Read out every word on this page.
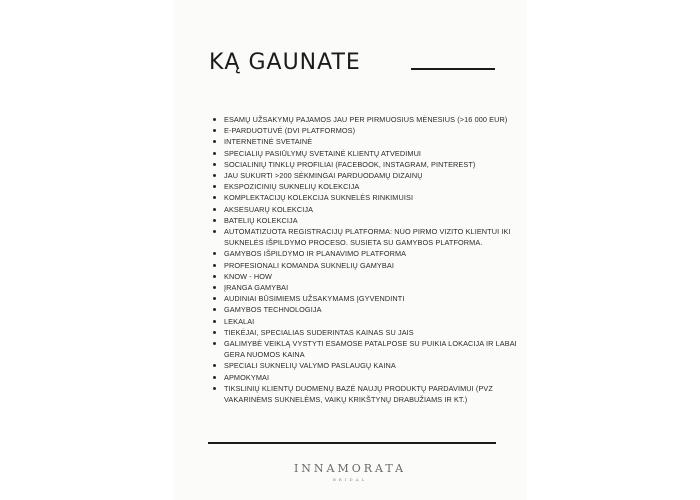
KĄ GAUNATE
ESAMŲ UŽSAKYMŲ PAJAMOS JAU PER PIRMUOSIUS MĖNESIUS (>16 000 EUR)
E-PARDUOTUVĖ (DVI PLATFORMOS)
INTERNETINĖ SVETAINĖ
SPECIALIŲ PASIŪLYMŲ SVETAINĖ KLIENTŲ ATVEDIMUI
SOCIALINIŲ TINKLŲ PROFILIAI (FACEBOOK, INSTAGRAM, PINTEREST)
JAU SUKURTI >200 SĖKMINGAI PARDUODAMŲ DIZAINŲ
EKSPOZICINIŲ SUKNELIŲ KOLEKCIJA
KOMPLEKTACIJŲ KOLEKCIJA SUKNELĖS RINKIMUISI
AKSESUARŲ KOLEKCIJA
BATELIŲ KOLEKCIJA
AUTOMATIZUOTA REGISTRACIJŲ PLATFORMA: NUO PIRMO VIZITO KLIENTUI IKI
SUKNELĖS IŠPILDYMO PROCESO. SUSIETA SU GAMYBOS PLATFORMA.
GAMYBOS IŠPILDYMO IR PLANAVIMO PLATFORMA
PROFESIONALI KOMANDA SUKNELIŲ GAMYBAI
KNOW - HOW
ĮRANGA GAMYBAI
AUDINIAI BŪSIMIEMS UŽSAKYMAMS ĮGYVENDINTI
GAMYBOS TECHNOLOGIJA
LEKALAI
TIEKĖJAI, SPECIALIAS SUDERINTAS KAINAS SU JAIS
GALIMYBĖ VEIKLĄ VYSTYTI ESAMOSE PATALPOSE SU PUIKIA LOKACIJA IR LABAI
GERA NUOMOS KAINA
SPECIALI SUKNELIŲ VALYMO PASLAUGŲ KAINA
APMOKYMAI
TIKSLINIŲ KLIENTŲ DUOMENŲ BAZĖ NAUJŲ PRODUKTŲ PARDAVIMUI (PVZ
VAKARINĖMS SUKNELĖMS, VAIKŲ KRIKŠTYNŲ DRABUŽIAMS IR KT.)
INNAMORATA
BRIDAL
